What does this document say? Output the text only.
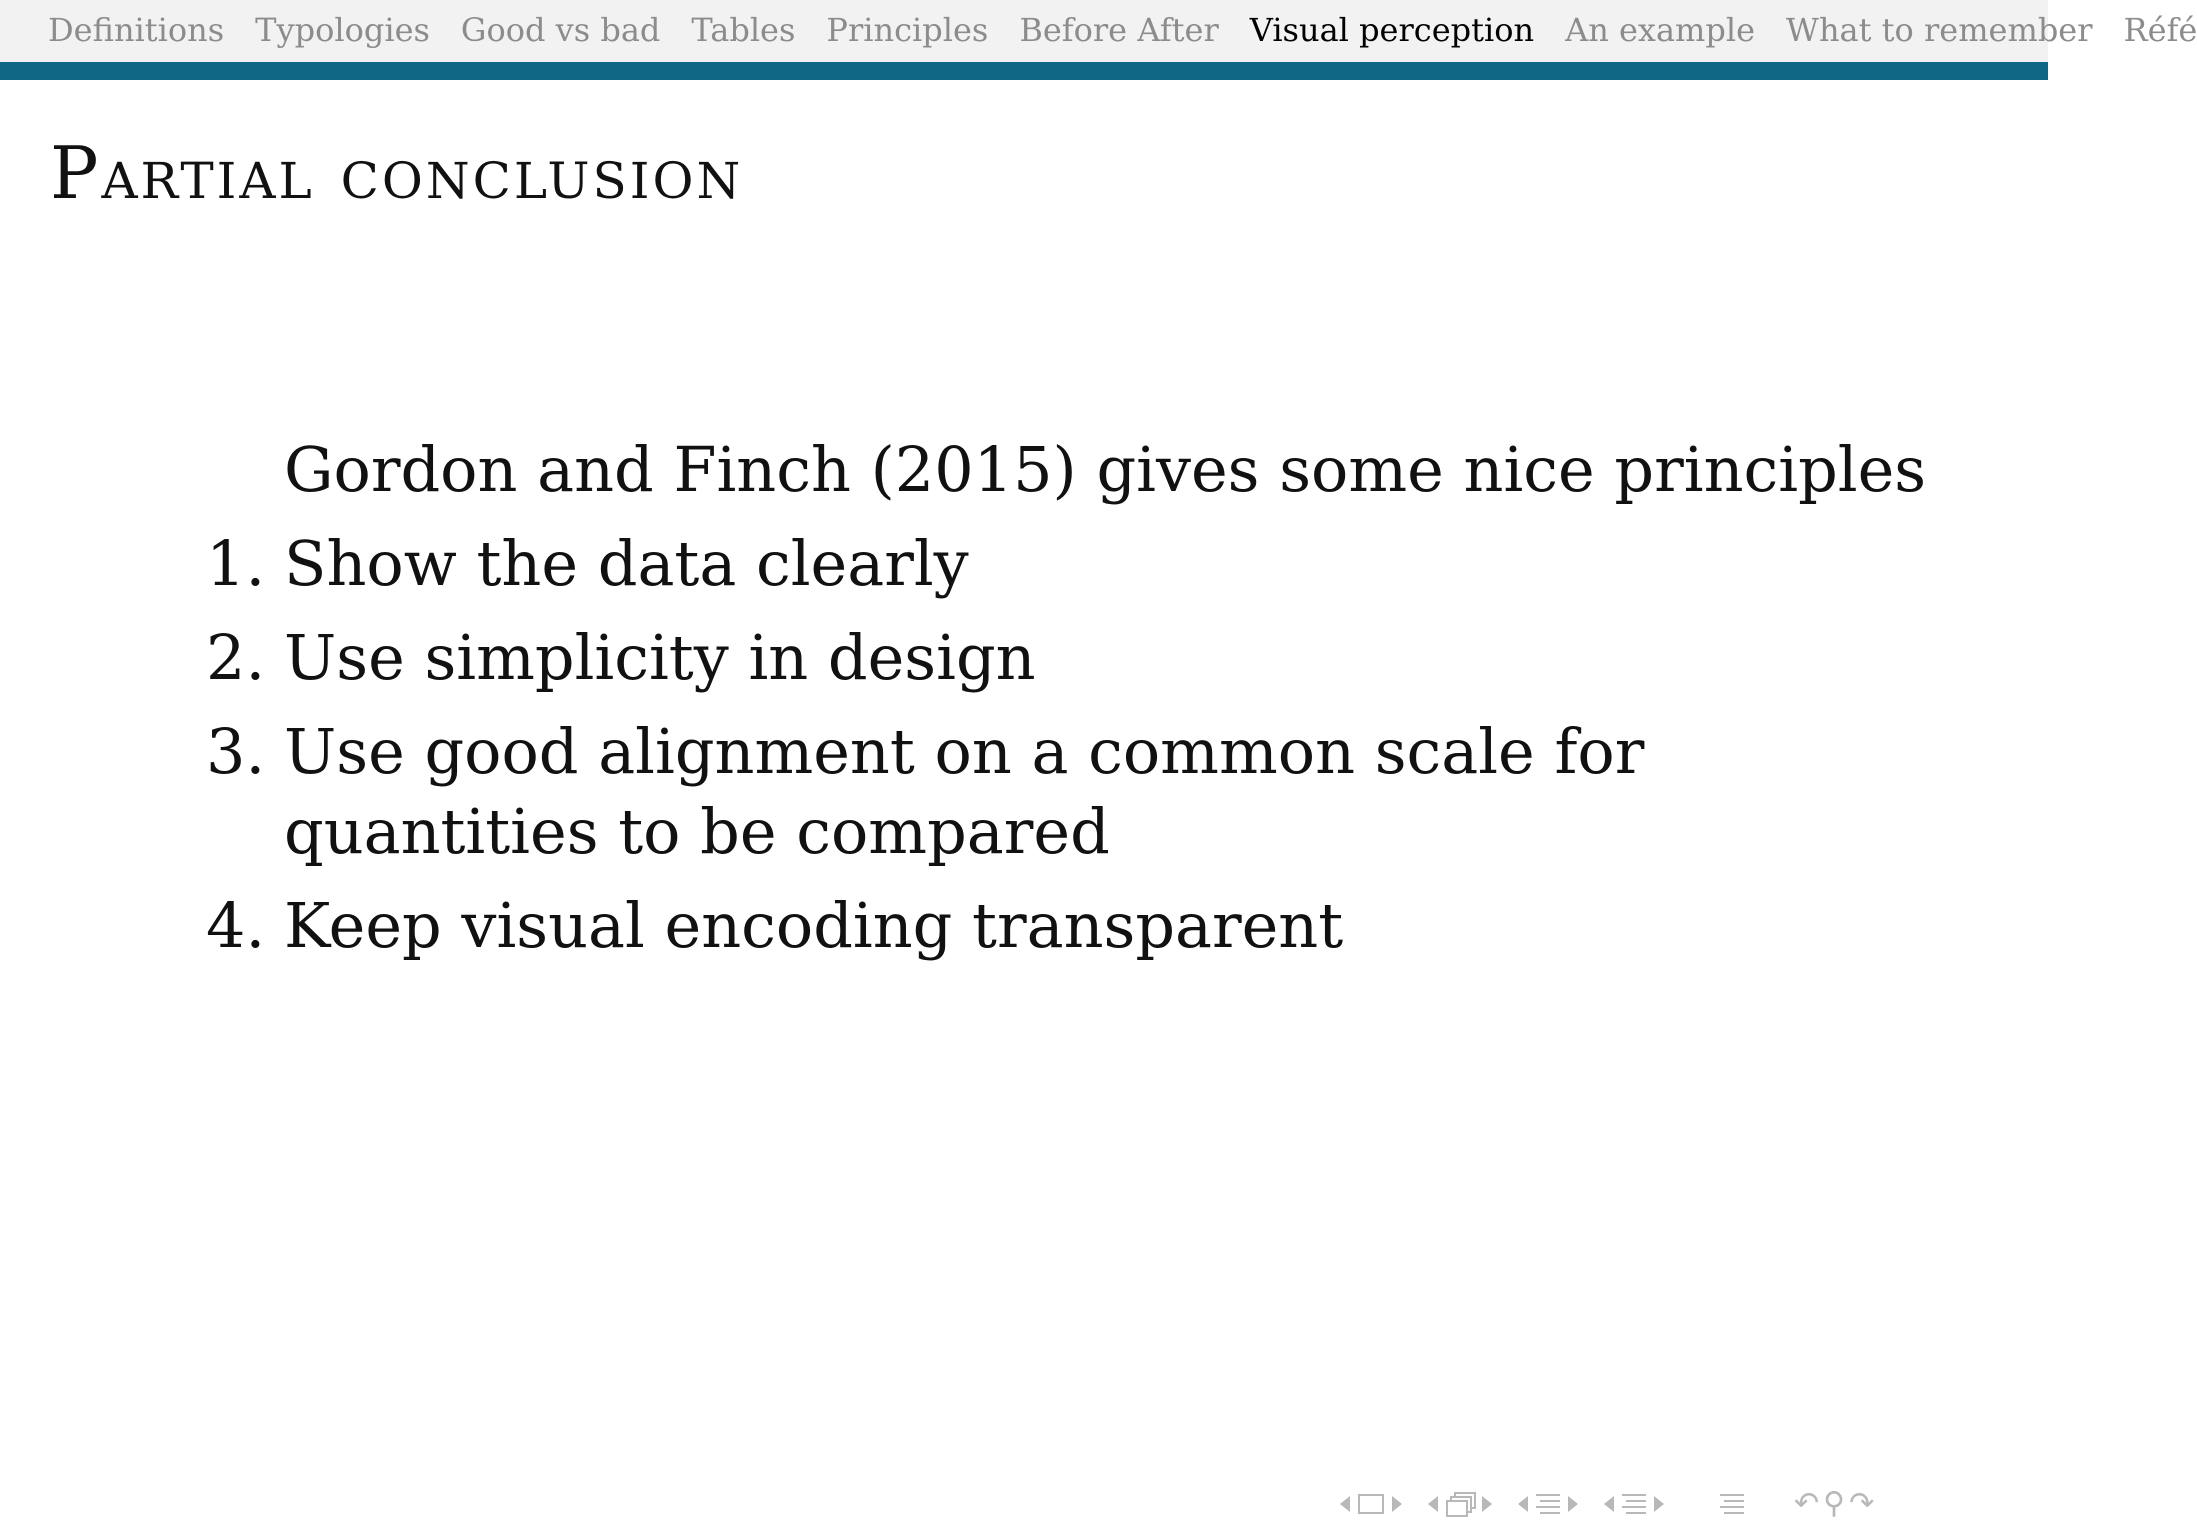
Definitions Typologies Good vs bad Tables Principles Before After Visual perception An example What to remember Réfé
Partial conclusion
Gordon and Finch (2015) gives some nice principles
1. Show the data clearly
2. Use simplicity in design
3. Use good alignment on a common scale for quantities to be compared
4. Keep visual encoding transparent
↶ ⚲ ↷
